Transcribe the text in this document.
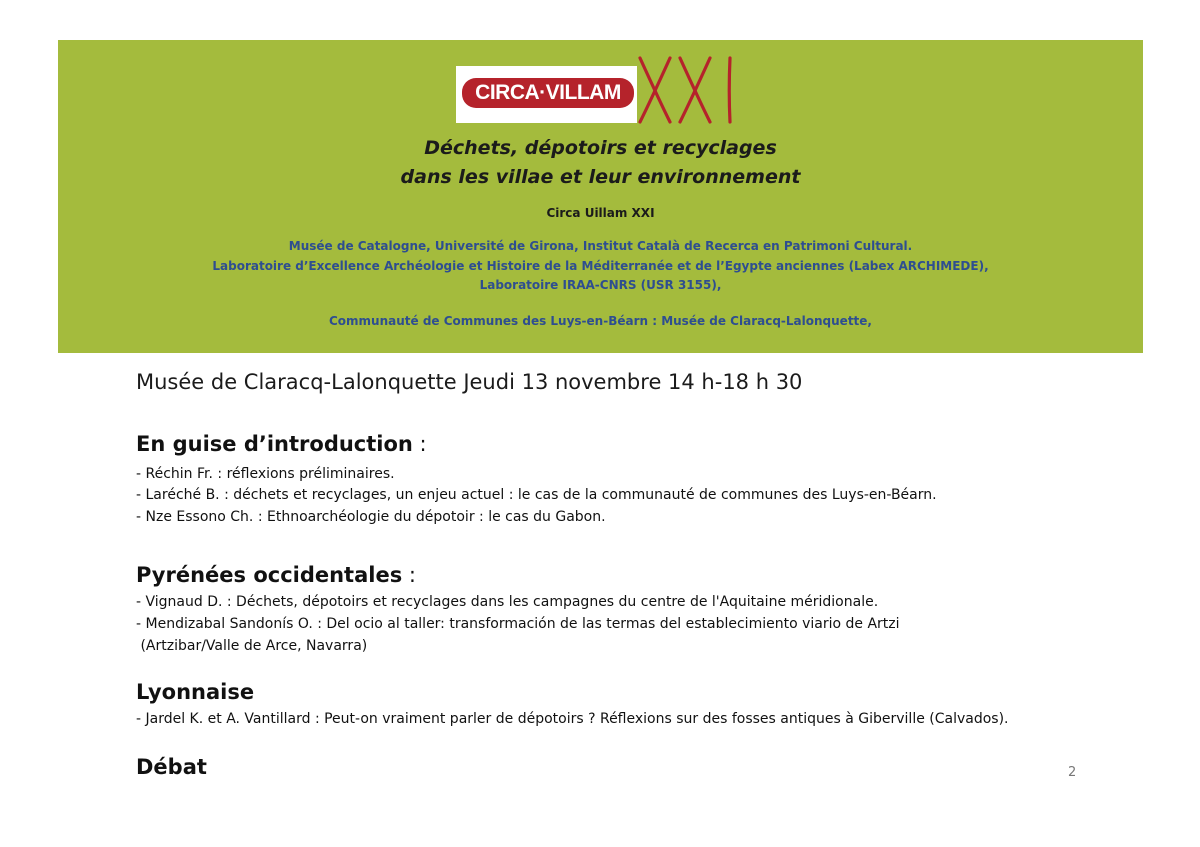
CIRCA·VILLAM
Déchets, dépotoirs et recyclages
dans les villae et leur environnement
Circa Uillam XXI
Musée de Catalogne, Université de Girona, Institut Català de Recerca en Patrimoni Cultural.
Laboratoire d’Excellence Archéologie et Histoire de la Méditerranée et de l’Egypte anciennes (Labex ARCHIMEDE),
Laboratoire IRAA-CNRS (USR 3155),
Communauté de Communes des Luys-en-Béarn : Musée de Claracq-Lalonquette,
Musée de Claracq-Lalonquette Jeudi 13 novembre 14 h-18 h 30
En guise d’introduction :
- Réchin Fr. : réflexions préliminaires.
- Laréché B. : déchets et recyclages, un enjeu actuel : le cas de la communauté de communes des Luys-en-Béarn.
- Nze Essono Ch. : Ethnoarchéologie du dépotoir : le cas du Gabon.
Pyrénées occidentales :
- Vignaud D. : Déchets, dépotoirs et recyclages dans les campagnes du centre de l'Aquitaine méridionale.
- Mendizabal Sandonís O. : Del ocio al taller: transformación de las termas del establecimiento viario de Artzi
(Artzibar/Valle de Arce, Navarra)
Lyonnaise
- Jardel K. et A. Vantillard : Peut-on vraiment parler de dépotoirs ? Réflexions sur des fosses antiques à Giberville (Calvados).
Débat	2
